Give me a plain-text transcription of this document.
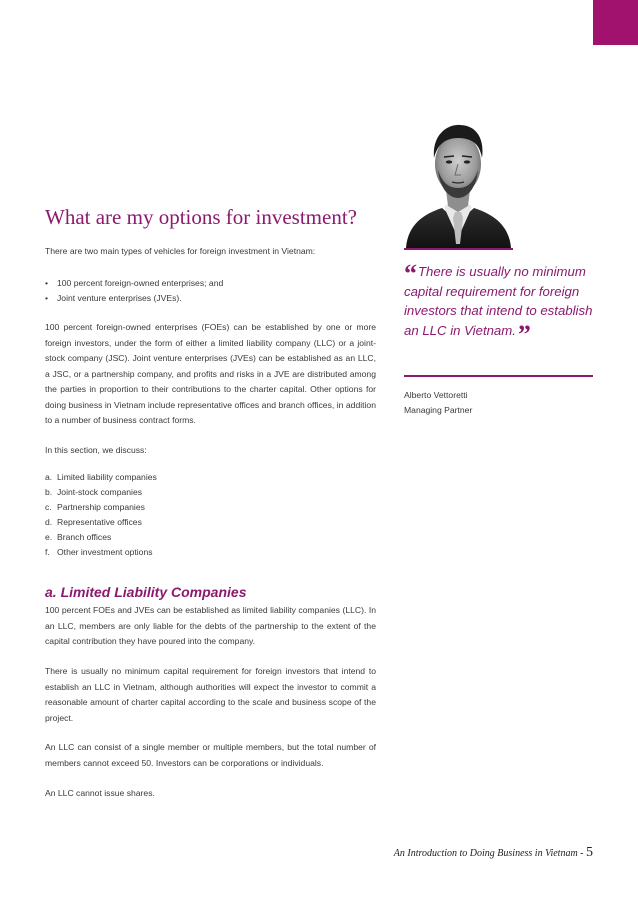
What are my options for investment?

There are two main types of vehicles for foreign investment in Vietnam:

• 100 percent foreign-owned enterprises; and
• Joint venture enterprises (JVEs).

100 percent foreign-owned enterprises (FOEs) can be established by one or more foreign investors, under the form of either a limited liability company (LLC) or a joint-stock company (JSC). Joint venture enterprises (JVEs) can be established as an LLC, a JSC, or a partnership company, and profits and risks in a JVE are distributed among the parties in proportion to their contributions to the charter capital. Other options for doing business in Vietnam include representative offices and branch offices, in addition to a number of business contract forms.

In this section, we discuss:

a. Limited liability companies
b. Joint-stock companies
c. Partnership companies
d. Representative offices
e. Branch offices
f. Other investment options
a. Limited Liability Companies

100 percent FOEs and JVEs can be established as limited liability companies (LLC). In an LLC, members are only liable for the debts of the partnership to the extent of the capital contribution they have poured into the company.

There is usually no minimum capital requirement for foreign investors that intend to establish an LLC in Vietnam, although authorities will expect the investor to commit a reasonable amount of charter capital according to the scale and business scope of the project.

An LLC can consist of a single member or multiple members, but the total number of members cannot exceed 50. Investors can be corporations or individuals.

An LLC cannot issue shares.

“There is usually no minimum capital requirement for foreign investors that intend to establish an LLC in Vietnam.”

Alberto Vettoretti
Managing Partner
An Introduction to Doing Business in Vietnam - 5
